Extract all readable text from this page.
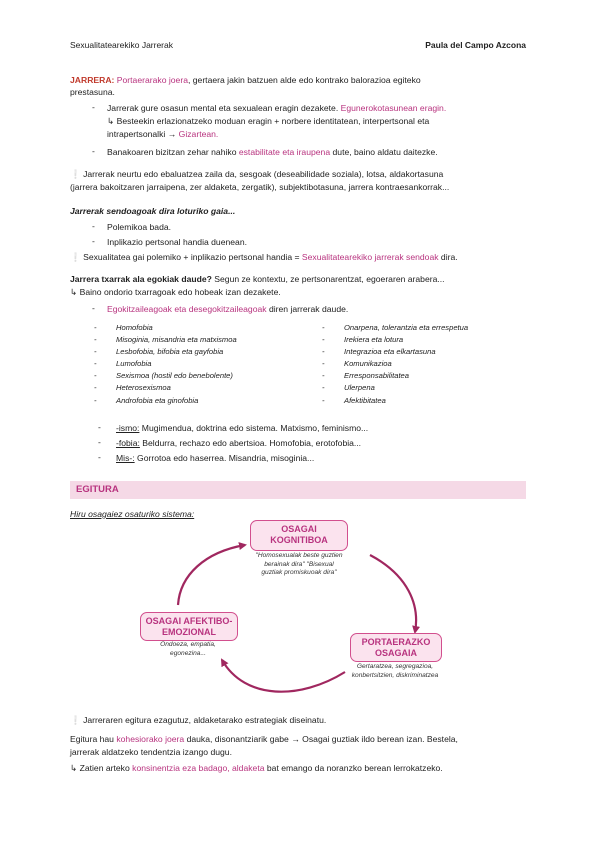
Sexualitatearekiko Jarrerak	Paula del Campo Azcona
JARRERA: Portaerarako joera, gertaera jakin batzuen alde edo kontrako balorazioa egiteko
prestasuna.
- Jarrerak gure osasun mental eta sexualean eragin dezakete. Egunerokotasunean eragin.
↳ Besteekin erlazionatzeko moduan eragin + norbere identitatean, interpertsonal eta
intrapertsonalki → Gizartean.
- Banakoaren bizitzan zehar nahiko estabilitate eta iraupena dute, baino aldatu daitezke.
❕ Jarrerak neurtu edo ebaluatzea zaila da, sesgoak (deseabilidade soziala), lotsa, aldakortasuna
(jarrera bakoitzaren jarraipena, zer aldaketa, zergatik), subjektibotasuna, jarrera kontraesankorrak...
Jarrerak sendoagoak dira loturiko gaia...
- Polemikoa bada.
- Inplikazio pertsonal handia duenean.
❕ Sexualitatea gai polemiko + inplikazio pertsonal handia = Sexualitatearekiko jarrerak sendoak dira.
Jarrera txarrak ala egokiak daude? Segun ze kontextu, ze pertsonarentzat, egoeraren arabera...
↳ Baino ondorio txarragoak edo hobeak izan dezakete.
- Egokitzaileagoak eta desegokitzaileagoak diren jarrerak daude.
-	Homofobia
-	Misoginia, misandria eta matxismoa
-	Lesbofobia, bifobia eta gayfobia
-	Lumofobia
-	Sexismoa (hostil edo benebolente)
-	Heterosexismoa
-	Androfobia eta ginofobia
-	Onarpena, tolerantzia eta errespetua
-	Irekiera eta lotura
-	Integrazioa eta elkartasuna
-	Komunikazioa
-	Erresponsabilitatea
-	Ulerpena
-	Afektibitatea
- -ismo: Mugimendua, doktrina edo sistema. Matxismo, feminismo...
- -fobia: Beldurra, rechazo edo abertsioa. Homofobia, erotofobia...
- Mis-: Gorrotoa edo haserrea. Misandria, misoginia...
EGITURA
Hiru osagaiez osaturiko sistema:
OSAGAI
KOGNITIBOA
"Homosexualak beste guztien
berainak dira" "Bisexual
guztiak promiskuoak dira"
OSAGAI AFEKTIBO-
EMOZIONAL
Ondoeza, empatia,
egonezina...
PORTAERAZKO
OSAGAIA
Gertaratzea, segregazioa,
konbertsitzien, diskriminatzea
❕ Jarreraren egitura ezagutuz, aldaketarako estrategiak diseinatu.
Egitura hau kohesiorako joera dauka, disonantziarik gabe → Osagai guztiak ildo berean izan. Bestela,
jarrerak aldatzeko tendentzia izango dugu.
↳ Zatien arteko konsinentzia eza badago, aldaketa bat emango da noranzko berean lerrokatzeko.
